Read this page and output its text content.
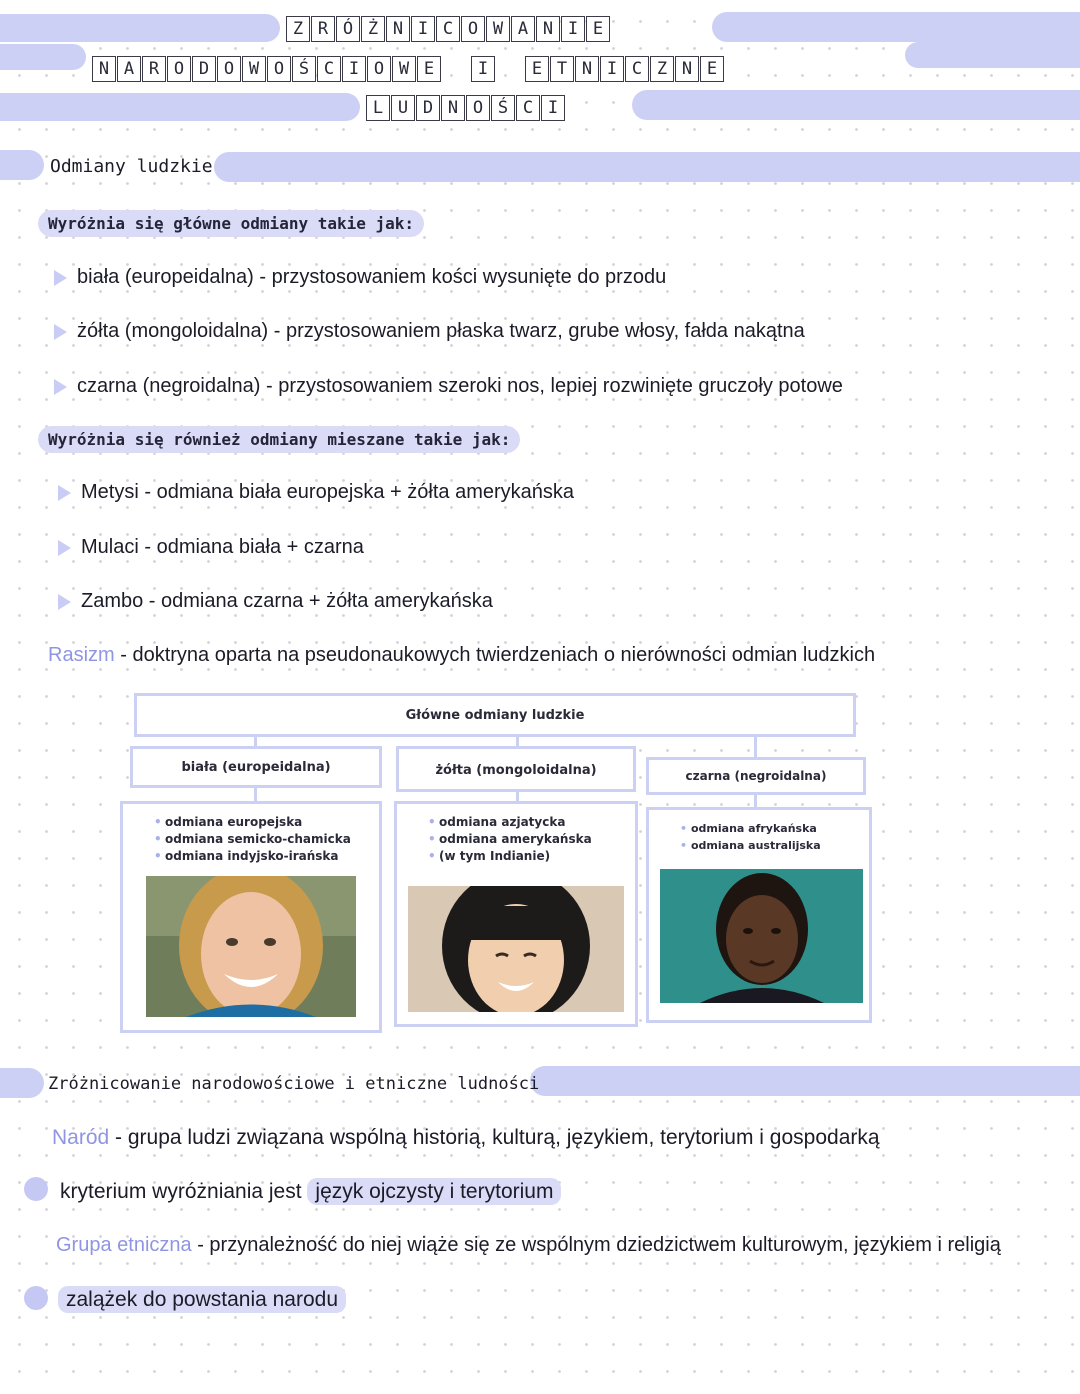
Z R Ó Ż N I C O W A N I E
N A R O D O W O Ś C I O W E	I	E T N I C Z N E
L U D N O Ś C I
Odmiany ludzkie
Wyróżnia się główne odmiany takie jak:
biała (europeidalna) - przystosowaniem kości wysunięte do przodu
żółta (mongoloidalna) - przystosowaniem płaska twarz, grube włosy, fałda nakątna
czarna (negroidalna) - przystosowaniem szeroki nos, lepiej rozwinięte gruczoły potowe
Wyróżnia się również odmiany mieszane takie jak:
Metysi - odmiana biała europejska + żółta amerykańska
Mulaci - odmiana biała + czarna
Zambo - odmiana czarna + żółta amerykańska
Rasizm - doktryna oparta na pseudonaukowych twierdzeniach o nierówności odmian ludzkich
Główne odmiany ludzkie
biała (europeidalna)
• odmiana europejska
• odmiana semicko-chamicka
• odmiana indyjsko-irańska
żółta (mongoloidalna)
• odmiana azjatycka
• odmiana amerykańska
• (w tym Indianie)
czarna (negroidalna)
• odmiana afrykańska
• odmiana australijska
Zróżnicowanie narodowościowe i etniczne ludności
Naród - grupa ludzi związana wspólną historią, kulturą, językiem, terytorium i gospodarką
kryterium wyróżniania jest język ojczysty i terytorium
Grupa etniczna - przynależność do niej wiąże się ze wspólnym dziedzictwem kulturowym, językiem i religią
zalążek do powstania narodu
